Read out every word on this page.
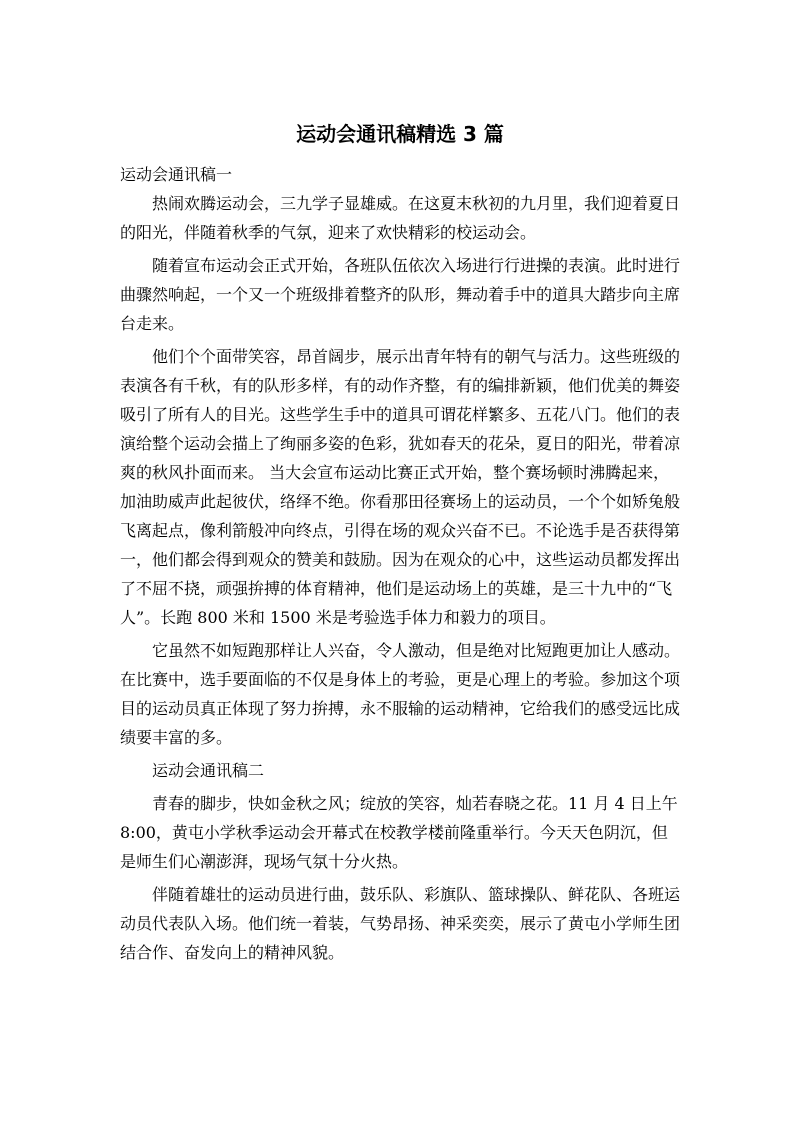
运动会通讯稿精选 3 篇

运动会通讯稿一

热闹欢腾运动会，三九学子显雄威。在这夏末秋初的九月里，我们迎着夏日的阳光，伴随着秋季的气氛，迎来了欢快精彩的校运动会。

随着宣布运动会正式开始，各班队伍依次入场进行行进操的表演。此时进行曲骤然响起，一个又一个班级排着整齐的队形，舞动着手中的道具大踏步向主席台走来。

他们个个面带笑容，昂首阔步，展示出青年特有的朝气与活力。这些班级的表演各有千秋，有的队形多样，有的动作齐整，有的编排新颖，他们优美的舞姿吸引了所有人的目光。这些学生手中的道具可谓花样繁多、五花八门。他们的表演给整个运动会描上了绚丽多姿的色彩，犹如春天的花朵，夏日的阳光，带着凉爽的秋风扑面而来。 当大会宣布运动比赛正式开始，整个赛场顿时沸腾起来，加油助威声此起彼伏，络绎不绝。你看那田径赛场上的运动员，一个个如矫兔般飞离起点，像利箭般冲向终点，引得在场的观众兴奋不已。不论选手是否获得第一，他们都会得到观众的赞美和鼓励。因为在观众的心中，这些运动员都发挥出了不屈不挠，顽强拚搏的体育精神，他们是运动场上的英雄，是三十九中的“飞人”。长跑 800 米和 1500 米是考验选手体力和毅力的项目。

它虽然不如短跑那样让人兴奋，令人激动，但是绝对比短跑更加让人感动。在比赛中，选手要面临的不仅是身体上的考验，更是心理上的考验。参加这个项目的运动员真正体现了努力拚搏，永不服输的运动精神，它给我们的感受远比成绩要丰富的多。

运动会通讯稿二

青春的脚步，快如金秋之风；绽放的笑容，灿若春晓之花。11 月 4 日上午 8:00，黄屯小学秋季运动会开幕式在校教学楼前隆重举行。今天天色阴沉，但是师生们心潮澎湃，现场气氛十分火热。

伴随着雄壮的运动员进行曲，鼓乐队、彩旗队、篮球操队、鲜花队、各班运动员代表队入场。他们统一着装，气势昂扬、神采奕奕，展示了黄屯小学师生团结合作、奋发向上的精神风貌。
